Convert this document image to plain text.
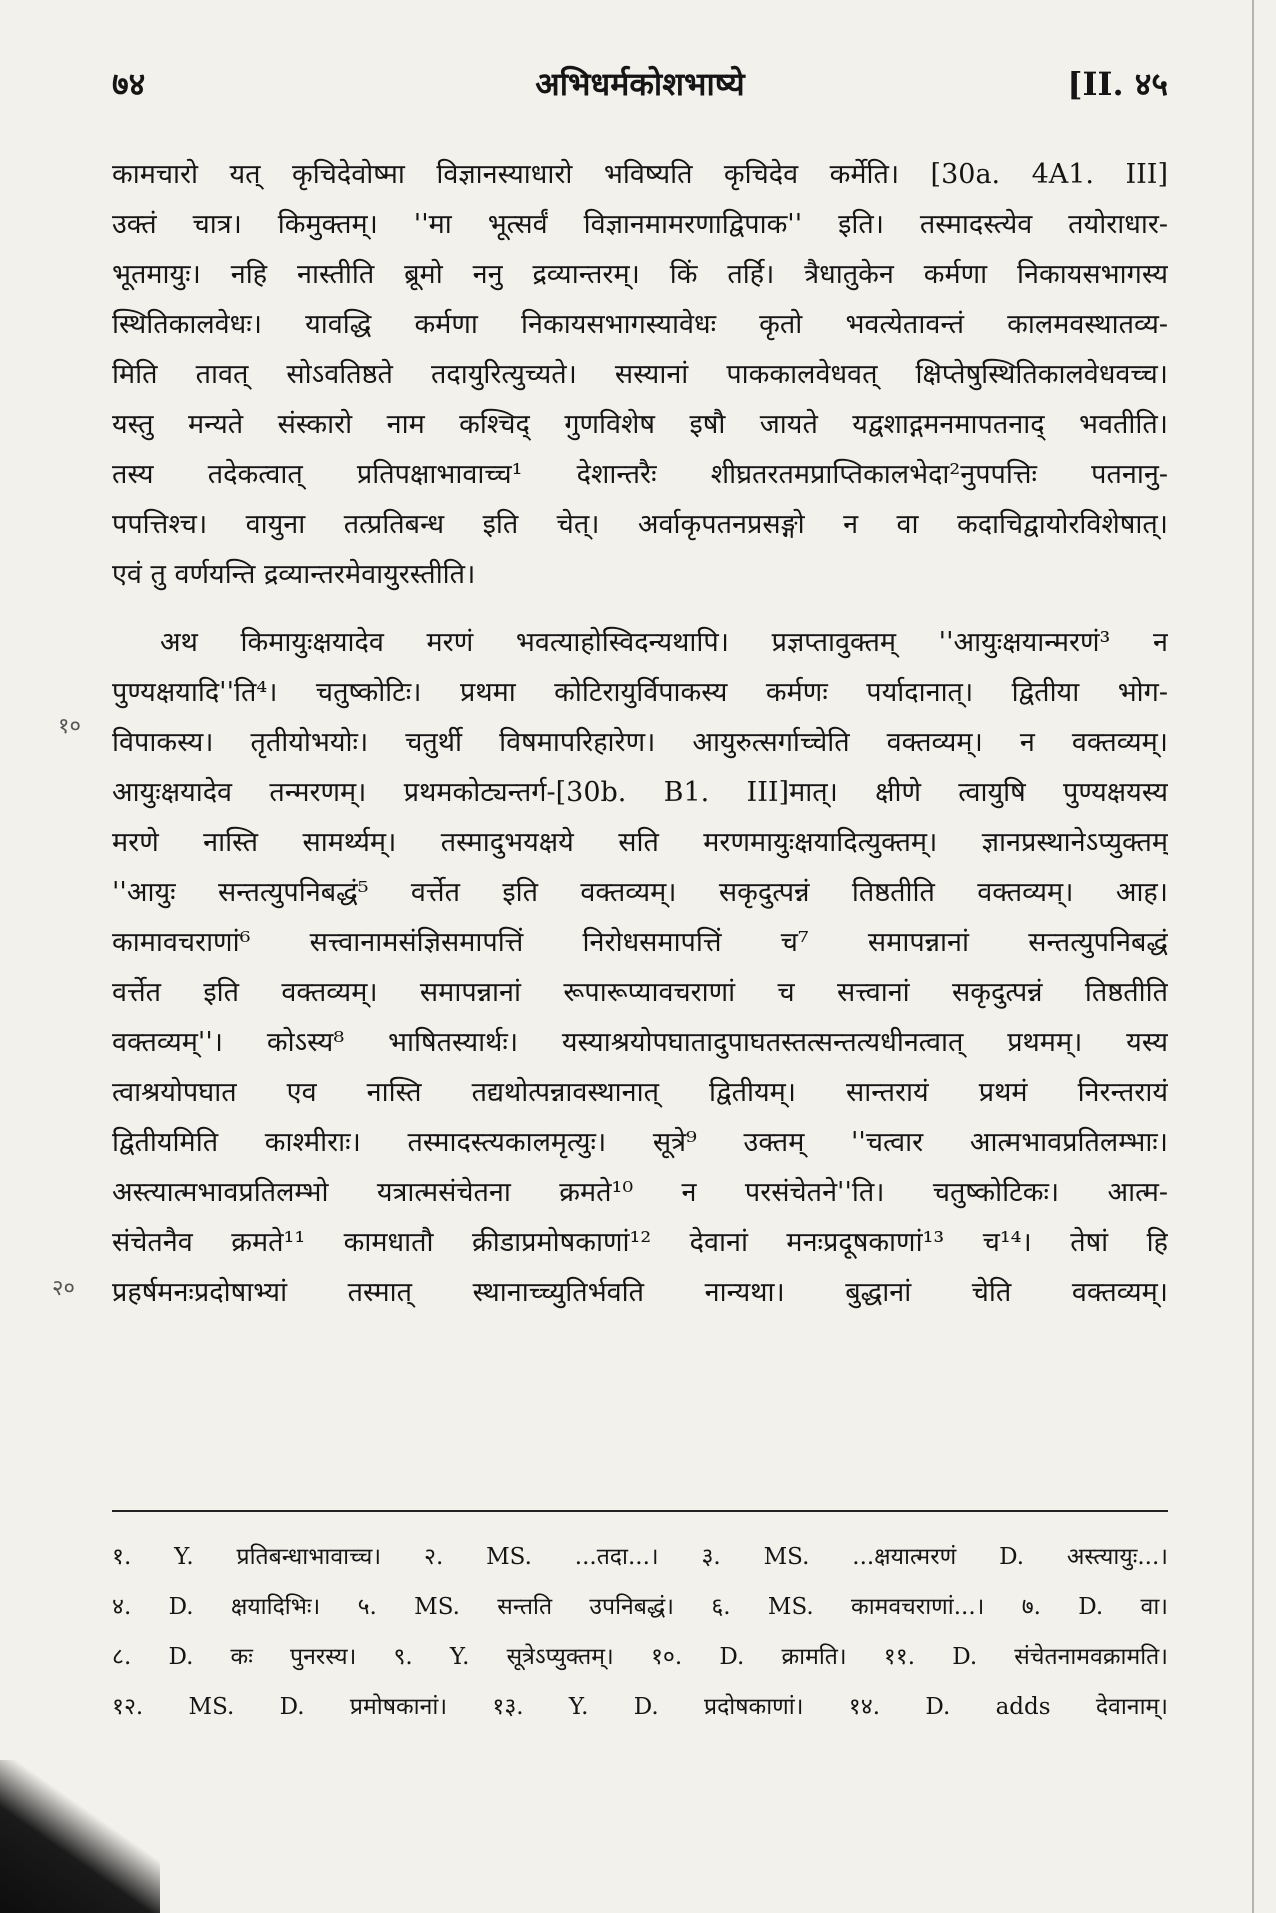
७४	अभिधर्मकोशभाष्ये	[II. ४५

कामचारो यत् कृचिदेवोष्मा विज्ञानस्याधारो भविष्यति कृचिदेव कर्मेति। [30a. 4A1. III]

उक्तं चात्र। किमुक्तम्। ''मा भूत्सर्वं विज्ञानमामरणाद्विपाक'' इति। तस्मादस्त्येव तयोराधार-

भूतमायुः। नहि नास्तीति ब्रूमो ननु द्रव्यान्तरम्। किं तर्हि। त्रैधातुकेन कर्मणा निकायसभागस्य

स्थितिकालवेधः। यावद्धि कर्मणा निकायसभागस्यावेधः कृतो भवत्येतावन्तं कालमवस्थातव्य-

मिति तावत् सोऽवतिष्ठते तदायुरित्युच्यते। सस्यानां पाककालवेधवत् क्षिप्तेषुस्थितिकालवेधवच्च।

यस्तु मन्यते संस्कारो नाम कश्चिद् गुणविशेष इषौ जायते यद्वशाद्गमनमापतनाद् भवतीति।

तस्य तदेकत्वात् प्रतिपक्षाभावाच्च¹ देशान्तरैः शीघ्रतरतमप्राप्तिकालभेदा²नुपपत्तिः पतनानु-

पपत्तिश्च। वायुना तत्प्रतिबन्ध इति चेत्। अर्वाकृपतनप्रसङ्गो न वा कदाचिद्वायोरविशेषात्।

एवं तु वर्णयन्ति द्रव्यान्तरमेवायुरस्तीति।

अथ किमायुःक्षयादेव मरणं भवत्याहोस्विदन्यथापि। प्रज्ञप्तावुक्तम् ''आयुःक्षयान्मरणं³ न

पुण्यक्षयादि''ति⁴। चतुष्कोटिः। प्रथमा कोटिरायुर्विपाकस्य कर्मणः पर्यादानात्। द्वितीया भोग-

विपाकस्य। तृतीयोभयोः। चतुर्थी विषमापरिहारेण। आयुरुत्सर्गाच्चेति वक्तव्यम्। न वक्तव्यम्।

आयुःक्षयादेव तन्मरणम्। प्रथमकोट्यन्तर्ग-[30b. B1. III]मात्। क्षीणे त्वायुषि पुण्यक्षयस्य

मरणे नास्ति सामर्थ्यम्। तस्मादुभयक्षये सति मरणमायुःक्षयादित्युक्तम्। ज्ञानप्रस्थानेऽप्युक्तम्

''आयुः सन्तत्युपनिबद्धं⁵ वर्त्तेत इति वक्तव्यम्। सकृदुत्पन्नं तिष्ठतीति वक्तव्यम्। आह।

कामावचराणां⁶ सत्त्वानामसंज्ञिसमापत्तिं निरोधसमापत्तिं च⁷ समापन्नानां सन्तत्युपनिबद्धं

वर्त्तेत इति वक्तव्यम्। समापन्नानां रूपारूप्यावचराणां च सत्त्वानां सकृदुत्पन्नं तिष्ठतीति

वक्तव्यम्''। कोऽस्य⁸ भाषितस्यार्थः। यस्याश्रयोपघातादुपाघतस्तत्सन्तत्यधीनत्वात् प्रथमम्। यस्य

त्वाश्रयोपघात एव नास्ति तद्यथोत्पन्नावस्थानात् द्वितीयम्। सान्तरायं प्रथमं निरन्तरायं

द्वितीयमिति काश्मीराः। तस्मादस्त्यकालमृत्युः। सूत्रे⁹ उक्तम् ''चत्वार आत्मभावप्रतिलम्भाः।

अस्त्यात्मभावप्रतिलम्भो यत्रात्मसंचेतना क्रमते¹⁰ न परसंचेतने''ति। चतुष्कोटिकः। आत्म-

संचेतनैव क्रमते¹¹ कामधातौ क्रीडाप्रमोषकाणां¹² देवानां मनःप्रदूषकाणां¹³ च¹⁴। तेषां हि

प्रहर्षमनःप्रदोषाभ्यां तस्मात् स्थानाच्च्युतिर्भवति नान्यथा। बुद्धानां चेति वक्तव्यम्।

१०
२०

१. Y. प्रतिबन्धाभावाच्च। २. MS. ...तदा...। ३. MS. ...क्षयात्मरणं D. अस्त्यायुः...।

४. D. क्षयादिभिः। ५. MS. सन्तति उपनिबद्धं। ६. MS. कामवचराणां...। ७. D. वा।

८. D. कः पुनरस्य। ९. Y. सूत्रेऽप्युक्तम्। १०. D. क्रामति। ११. D. संचेतनामवक्रामति।

१२. MS. D. प्रमोषकानां। १३. Y. D. प्रदोषकाणां। १४. D. adds देवानाम्।
